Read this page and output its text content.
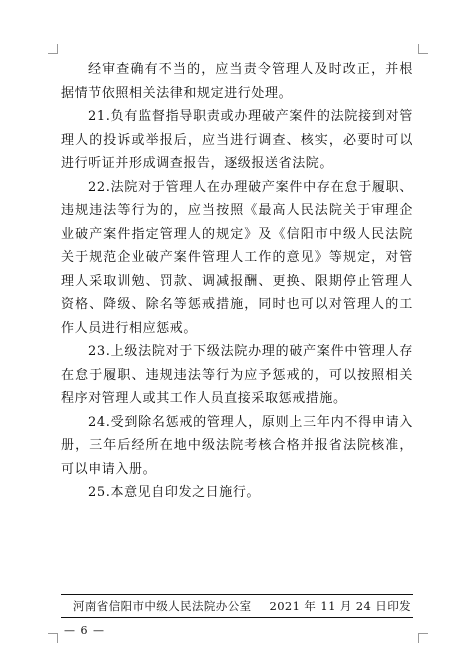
经审查确有不当的，应当责令管理人及时改正，并根据情节依照相关法律和规定进行处理。

21.负有监督指导职责或办理破产案件的法院接到对管理人的投诉或举报后，应当进行调查、核实，必要时可以进行听证并形成调查报告，逐级报送省法院。

22.法院对于管理人在办理破产案件中存在怠于履职、违规违法等行为的，应当按照《最高人民法院关于审理企业破产案件指定管理人的规定》及《信阳市中级人民法院关于规范企业破产案件管理人工作的意见》等规定，对管理人采取训勉、罚款、调减报酬、更换、限期停止管理人资格、降级、除名等惩戒措施，同时也可以对管理人的工作人员进行相应惩戒。

23.上级法院对于下级法院办理的破产案件中管理人存在怠于履职、违规违法等行为应予惩戒的，可以按照相关程序对管理人或其工作人员直接采取惩戒措施。

24.受到除名惩戒的管理人，原则上三年内不得申请入册，三年后经所在地中级法院考核合格并报省法院核准，可以申请入册。

25.本意见自印发之日施行。

河南省信阳市中级人民法院办公室 2021 年 11 月 24 日印发
— 6 —
